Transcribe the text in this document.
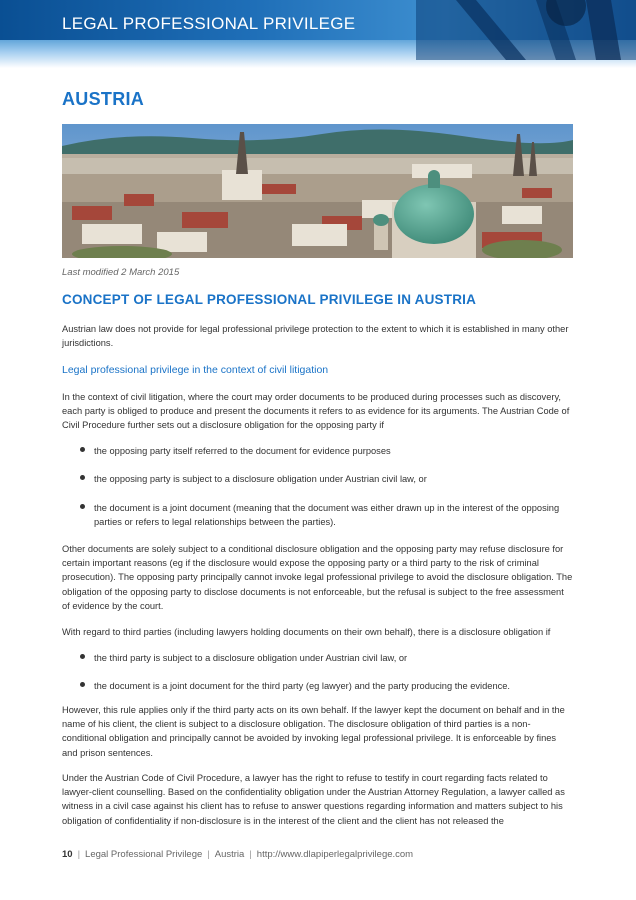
LEGAL PROFESSIONAL PRIVILEGE
AUSTRIA
Last modified 2 March 2015
CONCEPT OF LEGAL PROFESSIONAL PRIVILEGE IN AUSTRIA
Austrian law does not provide for legal professional privilege protection to the extent to which it is established in many other jurisdictions.
Legal professional privilege in the context of civil litigation
In the context of civil litigation, where the court may order documents to be produced during processes such as discovery, each party is obliged to produce and present the documents it refers to as evidence for its arguments. The Austrian Code of Civil Procedure further sets out a disclosure obligation for the opposing party if
the opposing party itself referred to the document for evidence purposes
the opposing party is subject to a disclosure obligation under Austrian civil law, or
the document is a joint document (meaning that the document was either drawn up in the interest of the opposing parties or refers to legal relationships between the parties).
Other documents are solely subject to a conditional disclosure obligation and the opposing party may refuse disclosure for certain important reasons (eg if the disclosure would expose the opposing party or a third party to the risk of criminal prosecution). The opposing party principally cannot invoke legal professional privilege to avoid the disclosure obligation. The obligation of the opposing party to disclose documents is not enforceable, but the refusal is subject to the free assessment of evidence by the court.
With regard to third parties (including lawyers holding documents on their own behalf), there is a disclosure obligation if
the third party is subject to a disclosure obligation under Austrian civil law, or
the document is a joint document for the third party (eg lawyer) and the party producing the evidence.
However, this rule applies only if the third party acts on its own behalf. If the lawyer kept the document on behalf and in the name of his client, the client is subject to a disclosure obligation. The disclosure obligation of third parties is a non-conditional obligation and principally cannot be avoided by invoking legal professional privilege. It is enforceable by fines and prison sentences.
Under the Austrian Code of Civil Procedure, a lawyer has the right to refuse to testify in court regarding facts related to lawyer-client counselling. Based on the confidentiality obligation under the Austrian Attorney Regulation, a lawyer called as witness in a civil case against his client has to refuse to answer questions regarding information and matters subject to his obligation of confidentiality if non-disclosure is in the interest of the client and the client has not released the
10 | Legal Professional Privilege | Austria | http://www.dlapiperlegalprivilege.com
